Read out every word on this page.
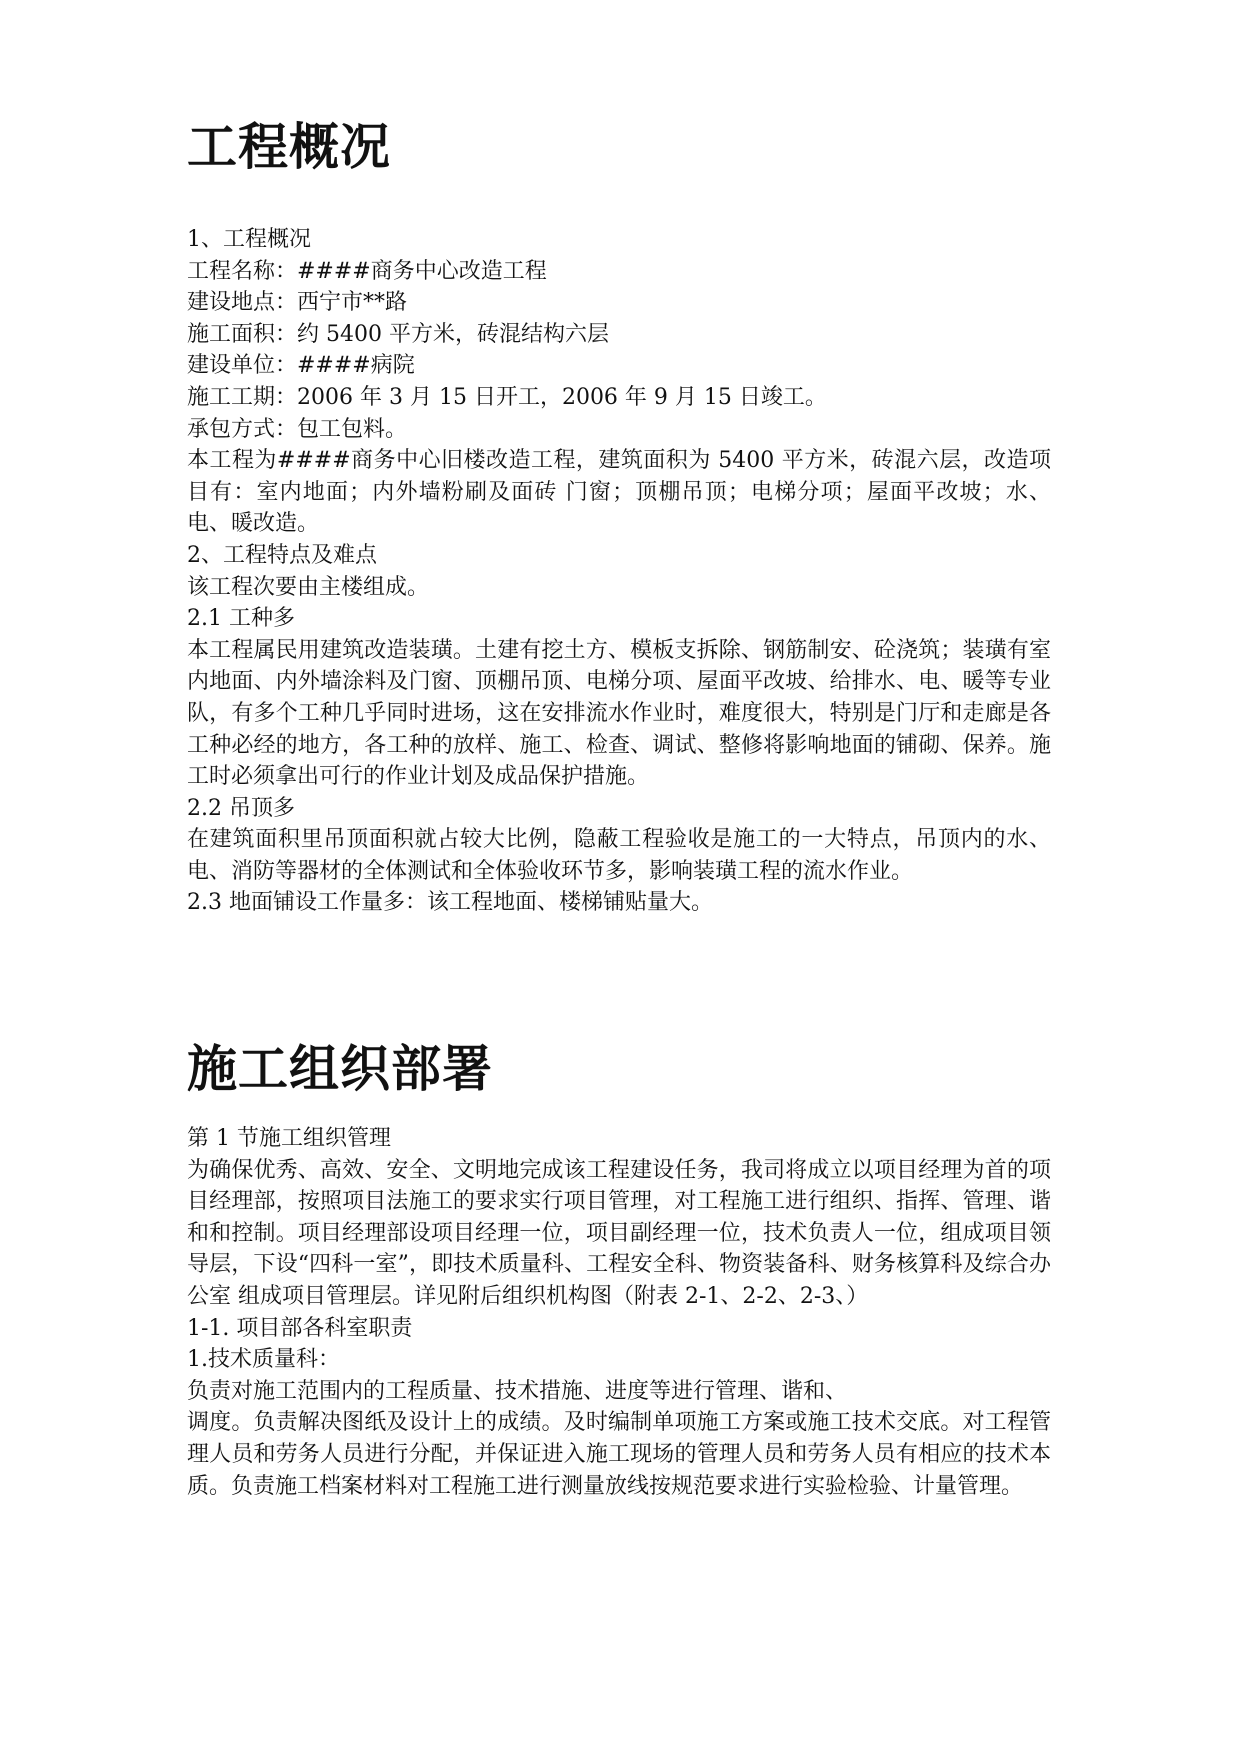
工程概况
1、工程概况
工程名称：####商务中心改造工程
建设地点：西宁市**路
施工面积：约 5400 平方米，砖混结构六层
建设单位：####病院
施工工期：2006 年 3 月 15 日开工，2006 年 9 月 15 日竣工。
承包方式：包工包料。
本工程为####商务中心旧楼改造工程，建筑面积为 5400 平方米，砖混六层，改造项目有：室内地面；内外墙粉刷及面砖 门窗；顶棚吊顶；电梯分项；屋面平改坡；水、电、暖改造。
2、工程特点及难点
该工程次要由主楼组成。
2.1 工种多
本工程属民用建筑改造装璜。土建有挖土方、模板支拆除、钢筋制安、砼浇筑；装璜有室内地面、内外墙涂料及门窗、顶棚吊顶、电梯分项、屋面平改坡、给排水、电、暖等专业队，有多个工种几乎同时进场，这在安排流水作业时，难度很大，特别是门厅和走廊是各工种必经的地方，各工种的放样、施工、检查、调试、整修将影响地面的铺砌、保养。施工时必须拿出可行的作业计划及成品保护措施。
2.2 吊顶多
在建筑面积里吊顶面积就占较大比例，隐蔽工程验收是施工的一大特点，吊顶内的水、电、消防等器材的全体测试和全体验收环节多，影响装璜工程的流水作业。
2.3 地面铺设工作量多：该工程地面、楼梯铺贴量大。
施工组织部署
第 1 节施工组织管理
为确保优秀、高效、安全、文明地完成该工程建设任务，我司将成立以项目经理为首的项目经理部，按照项目法施工的要求实行项目管理，对工程施工进行组织、指挥、管理、谐和和控制。项目经理部设项目经理一位，项目副经理一位，技术负责人一位，组成项目领导层，下设“四科一室”，即技术质量科、工程安全科、物资装备科、财务核算科及综合办公室 组成项目管理层。详见附后组织机构图（附表 2-1、2-2、2-3、）
1-1. 项目部各科室职责
1.技术质量科：
负责对施工范围内的工程质量、技术措施、进度等进行管理、谐和、
调度。负责解决图纸及设计上的成绩。及时编制单项施工方案或施工技术交底。对工程管理人员和劳务人员进行分配，并保证进入施工现场的管理人员和劳务人员有相应的技术本质。负责施工档案材料对工程施工进行测量放线按规范要求进行实验检验、计量管理。
